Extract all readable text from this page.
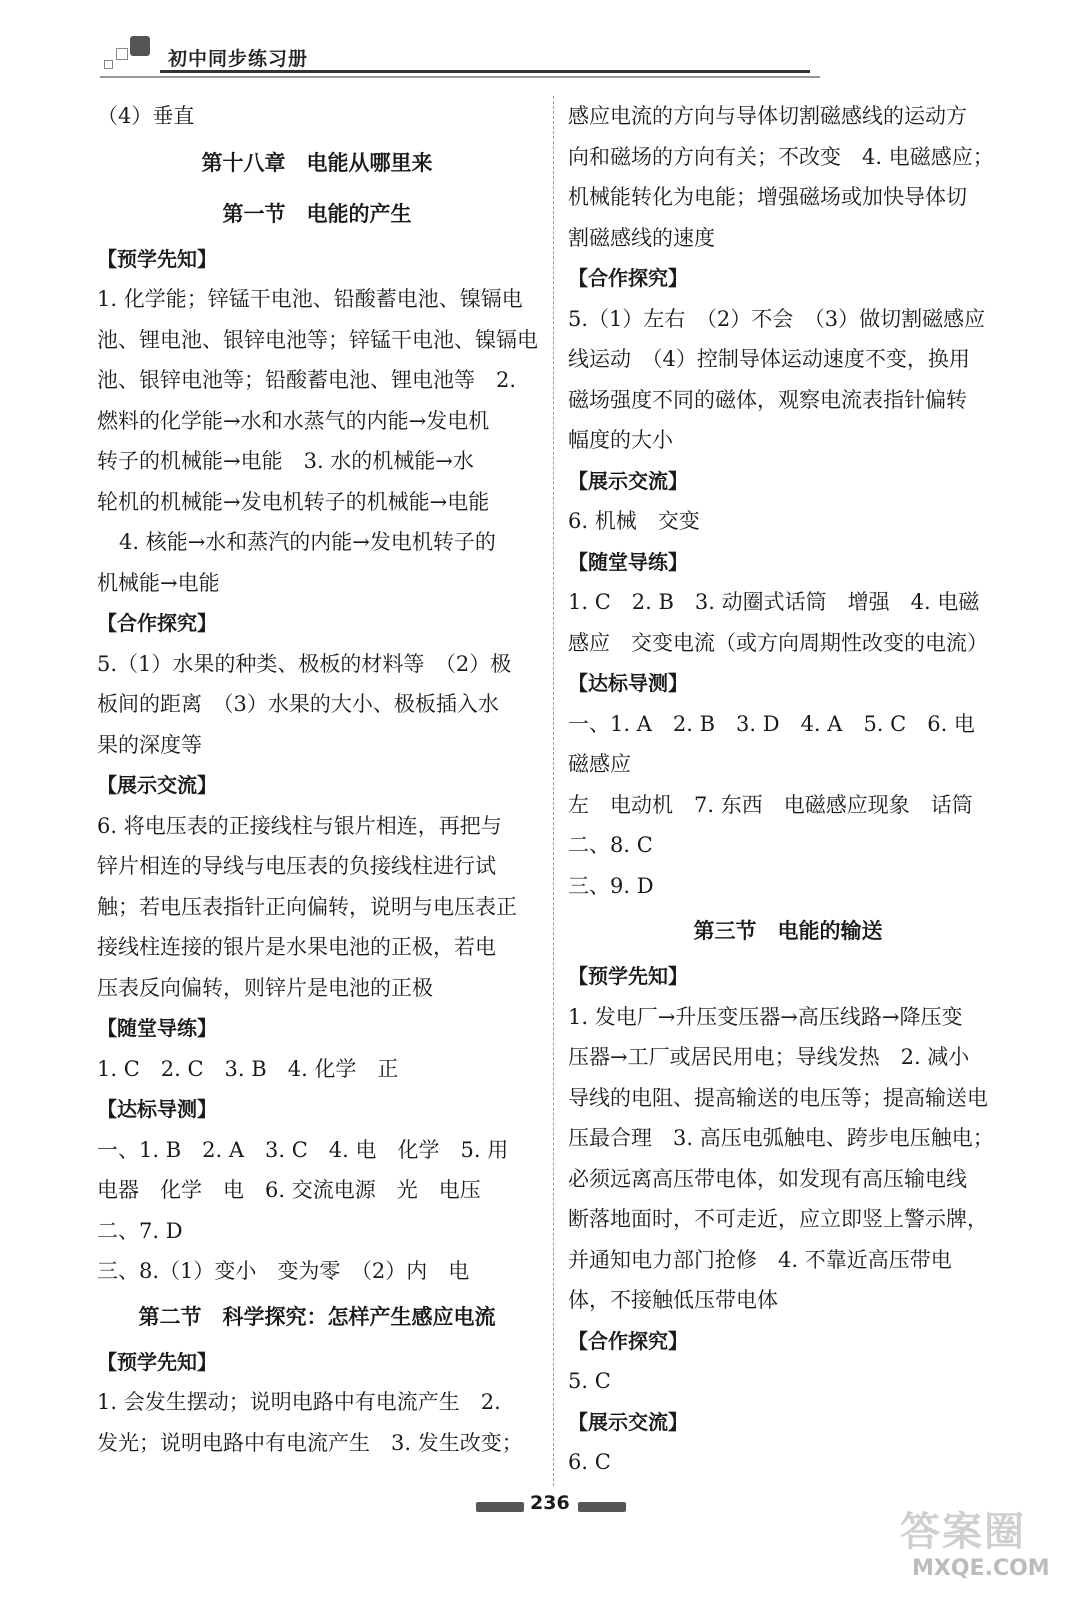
初中同步练习册

（4）垂直

第十八章　电能从哪里来

第一节　电能的产生

【预学先知】

1. 化学能；锌锰干电池、铅酸蓄电池、镍镉电

池、锂电池、银锌电池等；锌锰干电池、镍镉电

池、银锌电池等；铅酸蓄电池、锂电池等　2.

燃料的化学能→水和水蒸气的内能→发电机

转子的机械能→电能　3. 水的机械能→水

轮机的机械能→发电机转子的机械能→电能

4. 核能→水和蒸汽的内能→发电机转子的

机械能→电能

【合作探究】

5.（1）水果的种类、极板的材料等　（2）极

板间的距离　（3）水果的大小、极板插入水

果的深度等

【展示交流】

6. 将电压表的正接线柱与银片相连，再把与

锌片相连的导线与电压表的负接线柱进行试

触；若电压表指针正向偏转，说明与电压表正

接线柱连接的银片是水果电池的正极，若电

压表反向偏转，则锌片是电池的正极

【随堂导练】

1. C　2. C　3. B　4. 化学　正

【达标导测】

一、1. B　2. A　3. C　4. 电　化学　5. 用

电器　化学　电　6. 交流电源　光　电压

二、7. D

三、8.（1）变小　变为零　（2）内　电

第二节　科学探究：怎样产生感应电流

【预学先知】

1. 会发生摆动；说明电路中有电流产生　2.

发光；说明电路中有电流产生　3. 发生改变；

感应电流的方向与导体切割磁感线的运动方

向和磁场的方向有关；不改变　4. 电磁感应；

机械能转化为电能；增强磁场或加快导体切

割磁感线的速度

【合作探究】

5.（1）左右　（2）不会　（3）做切割磁感应

线运动　（4）控制导体运动速度不变，换用

磁场强度不同的磁体，观察电流表指针偏转

幅度的大小

【展示交流】

6. 机械　交变

【随堂导练】

1. C　2. B　3. 动圈式话筒　增强　4. 电磁

感应　交变电流（或方向周期性改变的电流）

【达标导测】

一、1. A　2. B　3. D　4. A　5. C　6. 电

磁感应

左　电动机　7. 东西　电磁感应现象　话筒

二、8. C

三、9. D

第三节　电能的输送

【预学先知】

1. 发电厂→升压变压器→高压线路→降压变

压器→工厂或居民用电；导线发热　2. 减小

导线的电阻、提高输送的电压等；提高输送电

压最合理　3. 高压电弧触电、跨步电压触电；

必须远离高压带电体，如发现有高压输电线

断落地面时，不可走近，应立即竖上警示牌，

并通知电力部门抢修　4. 不靠近高压带电

体，不接触低压带电体

【合作探究】

5. C

【展示交流】

6. C

236
答案圈
MXQE.COM
